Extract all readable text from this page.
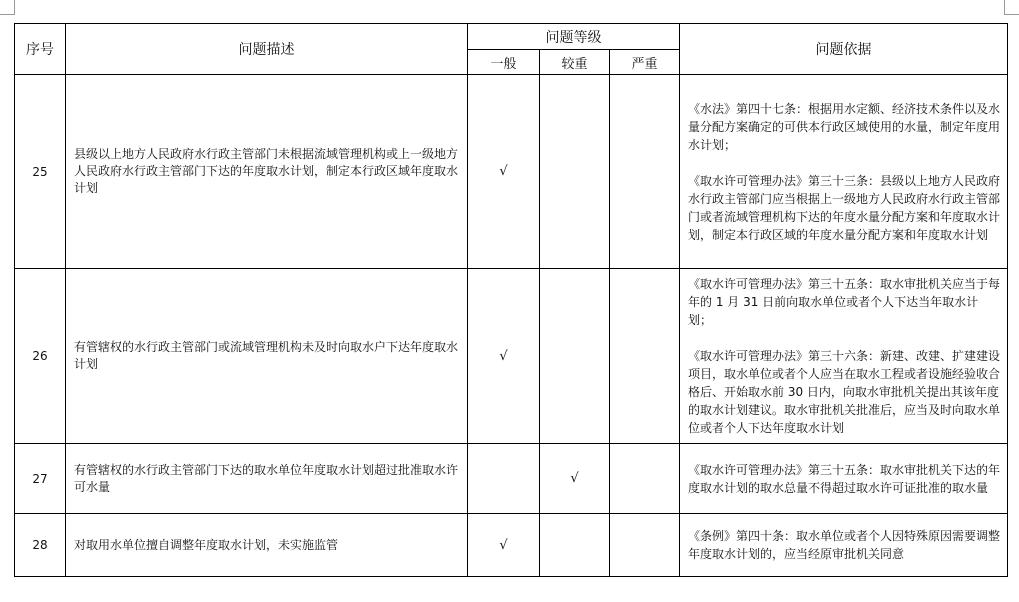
序号	问题描述	问题等级			问题依据
		一般	较重	严重	
25	县级以上地方人民政府水行政主管部门未根据流域管理机构或上一级地方人民政府水行政主管部门下达的年度取水计划，制定本行政区域年度取水计划	√			《水法》第四十七条：根据用水定额、经济技术条件以及水量分配方案确定的可供本行政区域使用的水量，制定年度用水计划；

《取水许可管理办法》第三十三条：县级以上地方人民政府水行政主管部门应当根据上一级地方人民政府水行政主管部门或者流域管理机构下达的年度水量分配方案和年度取水计划，制定本行政区域的年度水量分配方案和年度取水计划

26	有管辖权的水行政主管部门或流域管理机构未及时向取水户下达年度取水计划	√			《取水许可管理办法》第三十五条：取水审批机关应当于每年的 1 月 31 日前向取水单位或者个人下达当年取水计划；

《取水许可管理办法》第三十六条：新建、改建、扩建建设项目，取水单位或者个人应当在取水工程或者设施经验收合格后、开始取水前 30 日内，向取水审批机关提出其该年度的取水计划建议。取水审批机关批准后，应当及时向取水单位或者个人下达年度取水计划

27	有管辖权的水行政主管部门下达的取水单位年度取水计划超过批准取水许可水量		√		《取水许可管理办法》第三十五条：取水审批机关下达的年度取水计划的取水总量不得超过取水许可证批准的取水量

28	对取用水单位擅自调整年度取水计划，未实施监管	√			《条例》第四十条：取水单位或者个人因特殊原因需要调整年度取水计划的，应当经原审批机关同意
